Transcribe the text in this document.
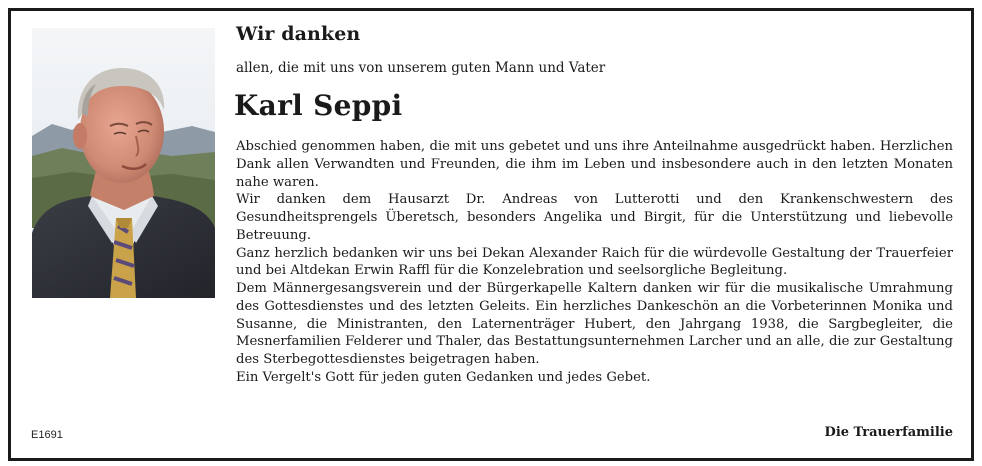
E1691
Wir danken
allen, die mit uns von unserem guten Mann und Vater
Karl Seppi

Abschied genommen haben, die mit uns gebetet und uns ihre Anteilnahme ausgedrückt haben. Herzlichen Dank allen Verwandten und Freunden, die ihm im Leben und insbesondere auch in den letzten Monaten nahe waren.

Wir danken dem Hausarzt Dr. Andreas von Lutterotti und den Krankenschwestern des Gesundheitsprengels Überetsch, besonders Angelika und Birgit, für die Unterstützung und liebevolle Betreuung.

Ganz herzlich bedanken wir uns bei Dekan Alexander Raich für die würdevolle Gestaltung der Trauerfeier und bei Altdekan Erwin Raffl für die Konzelebration und seelsorgliche Begleitung.

Dem Männergesangsverein und der Bürgerkapelle Kaltern danken wir für die musikalische Umrahmung des Gottesdienstes und des letzten Geleits. Ein herzliches Dankeschön an die Vorbeterinnen Monika und Susanne, die Ministranten, den Laternenträger Hubert, den Jahrgang 1938, die Sargbegleiter, die Mesnerfamilien Felderer und Thaler, das Bestattungsunternehmen Larcher und an alle, die zur Gestaltung des Sterbegottesdienstes beigetragen haben.

Ein Vergelt's Gott für jeden guten Gedanken und jedes Gebet.

Die Trauerfamilie
